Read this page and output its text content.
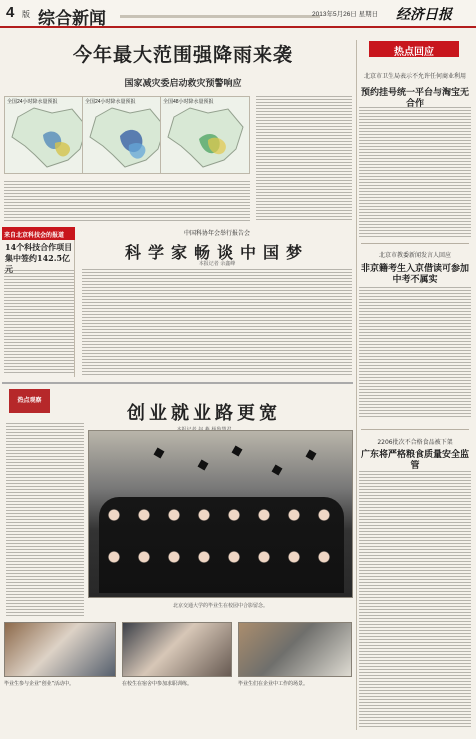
4 版 综合新闻	2013年5月26日 星期日 经济日报
今年最大范围强降雨来袭
国家减灾委启动救灾预警响应
全国24小时降水量预报	全国24小时降水量预报	全国48小时降水量预报
热点回应
北京市卫生局表示不允许任何商业利用
预约挂号统一平台与淘宝无合作
北京市教委新闻发言人回应
非京籍考生入京借读可参加中考不属实
2206批次不合格食品被下架
广东将严格粮食质量安全监管
来自北京科技会的报道
14个科技合作项目集中签约142.5亿元
中国科协年会举行报告会
科学家畅谈中国梦
本报记者 余鑫峰
热点观察
创业就业路更宽
北京交通大学的毕业生在校园中合影留念。
毕业生参与企业“创业”活动中。	在校生在宿舍中参加求职训练。	毕业生们在企业中工作的场景。
